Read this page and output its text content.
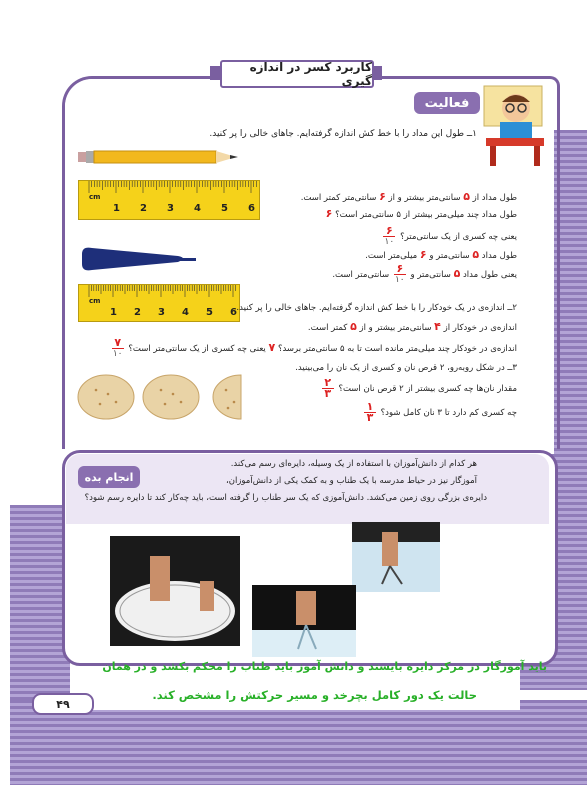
کاربرد کسر در اندازه گیری
فعالیت
۱ــ طول این مداد را با خط کش اندازه گرفته‌ایم. جاهای خالی را پر کنید.
cm
1 2 3 4 5 6
طول مداد از ۵ سانتی‌متر بیشتر و از ۶ سانتی‌متر کمتر است.
طول مداد چند میلی‌متر بیشتر از ۵ سانتی‌متر است؟ ۶
یعنی چه کسری از یک سانتی‌متر؟
$\frac{۶}{۱۰}$
طول مداد ۵ سانتی‌متر و ۶ میلی‌متر است.
یعنی طول مداد ۵ سانتی‌متر و
$\frac{۶}{۱۰}$
سانتی‌متر است.
cm
1 2 3 4 5 6 ۲ــ اندازه‌ی در یک خودکار را با خط کش اندازه گرفته‌ایم. جاهای خالی را پر کنید.
اندازه‌ی در خودکار از ۴ سانتی‌متر بیشتر و از ۵ کمتر است.
اندازه‌ی در خودکار چند میلی‌متر مانده است تا به ۵ سانتی‌متر برسد؟ ۷ یعنی چه کسری از یک سانتی‌متر است؟
$\frac{۷}{۱۰}$
۳ــ در شکل روبه‌رو، ۲ قرص نان و کسری از یک نان را می‌بینید.
مقدار نان‌ها چه کسری بیشتر از ۲ قرص نان است؟
$\frac{۲}{۳}$
چه کسری کم دارد تا ۳ نان کامل شود؟
$\frac{۱}{۳}$
انجام بده
هر کدام از دانش‌آموزان با استفاده از یک وسیله، دایره‌ای رسم می‌کند.
آموزگار نیز در حیاط مدرسه با یک طناب و به کمک یکی از دانش‌آموزان،
دایره‌ی بزرگی روی زمین می‌کشد. دانش‌آموزی که یک سر طناب را گرفته است، باید چه‌کار کند تا دایره رسم شود؟
باید آموزگار در مرکز دایره بایستد و دانش آموز باید طناب را محکم بکشد و در همان
حالت یک دور کامل بچرخد و مسیر حرکتش را مشخص کند.
۴۹
